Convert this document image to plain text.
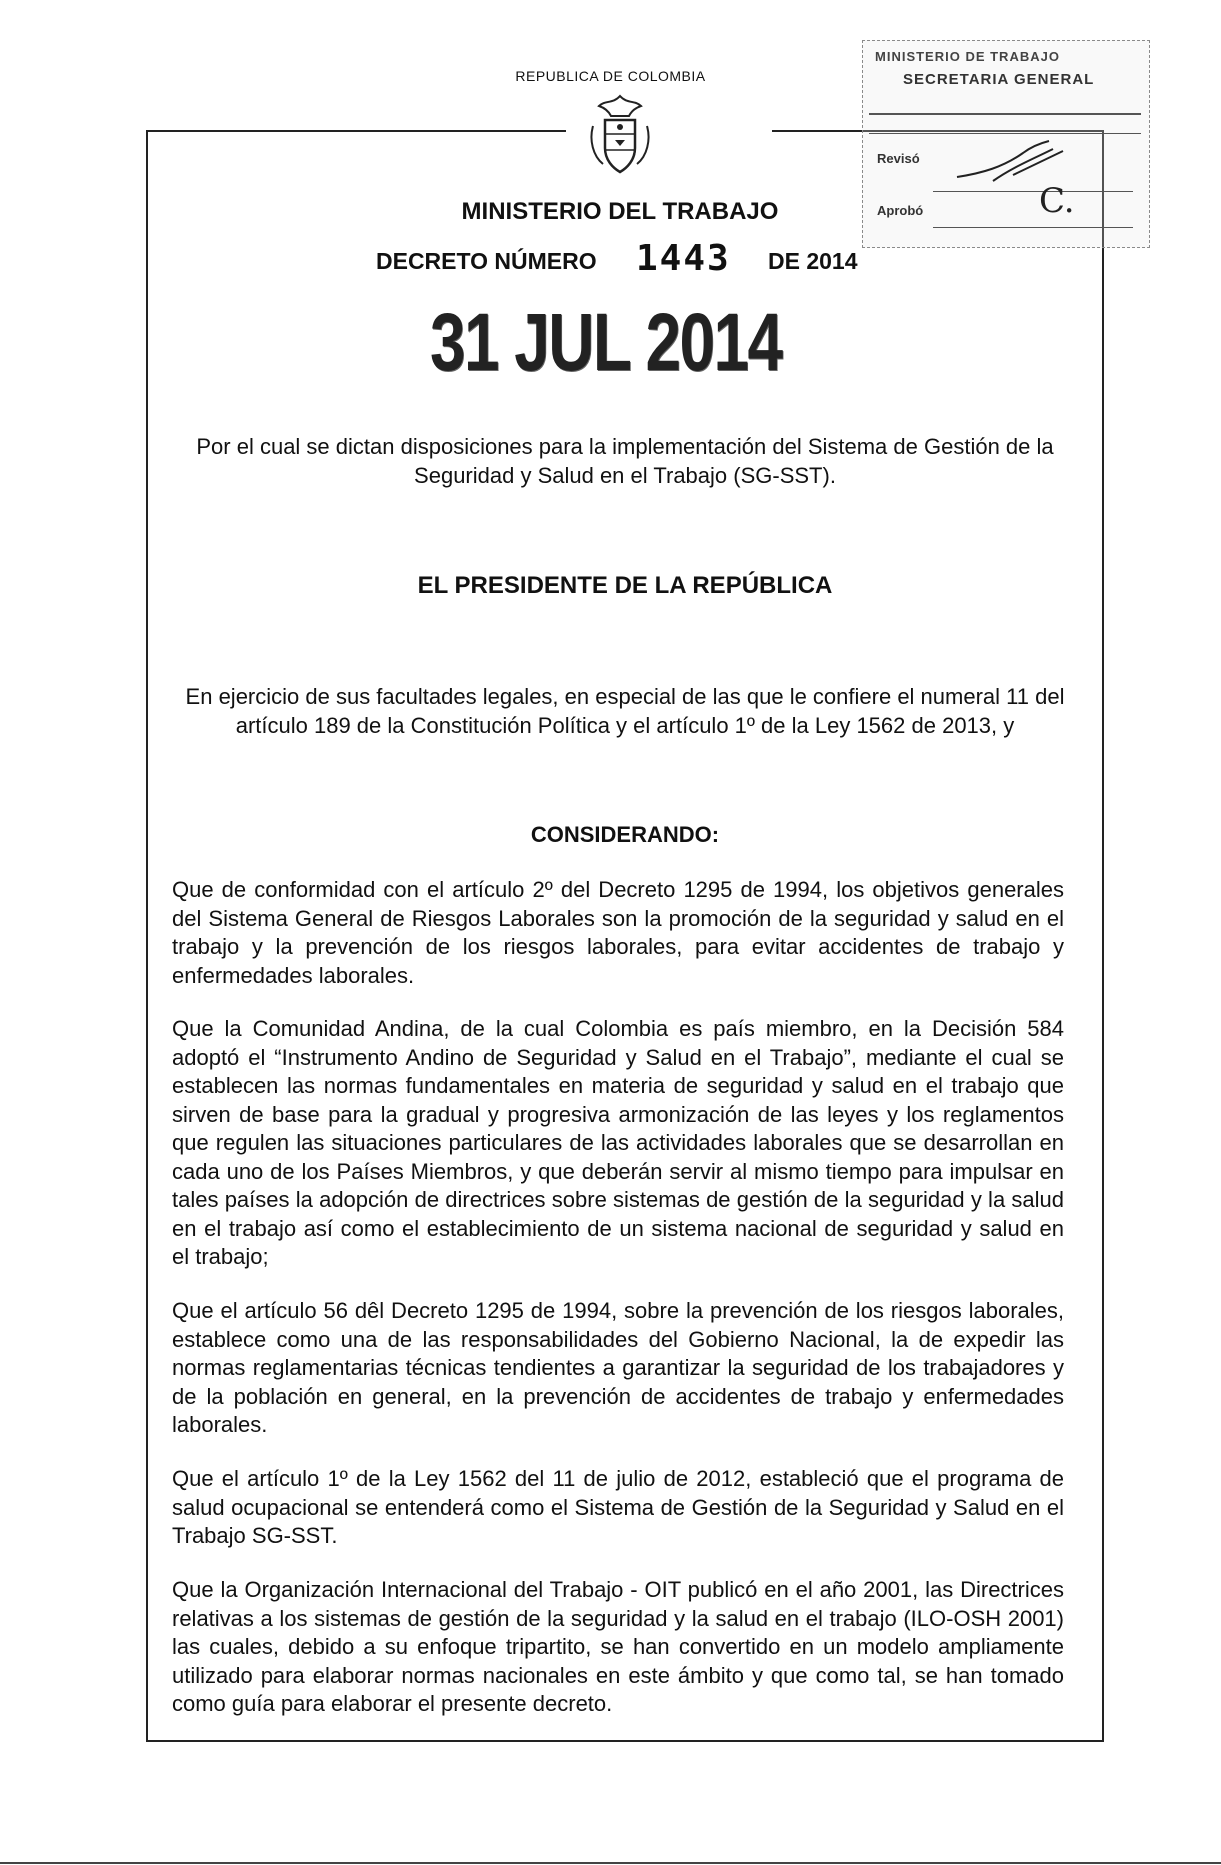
REPUBLICA DE COLOMBIA
MINISTERIO DE TRABAJO
SECRETARIA GENERAL
Revisó
Aprobó	C.
MINISTERIO DEL TRABAJO
DECRETO NÚMERO 1443 DE 2014
31 JUL 2014
Por el cual se dictan disposiciones para la implementación del Sistema de Gestión de la Seguridad y Salud en el Trabajo (SG-SST).
EL PRESIDENTE DE LA REPÚBLICA
En ejercicio de sus facultades legales, en especial de las que le confiere el numeral 11 del artículo 189 de la Constitución Política y el artículo 1º de la Ley 1562 de 2013, y
CONSIDERANDO:
Que de conformidad con el artículo 2º del Decreto 1295 de 1994, los objetivos generales del Sistema General de Riesgos Laborales son la promoción de la seguridad y salud en el trabajo y la prevención de los riesgos laborales, para evitar accidentes de trabajo y enfermedades laborales.
Que la Comunidad Andina, de la cual Colombia es país miembro, en la Decisión 584 adoptó el “Instrumento Andino de Seguridad y Salud en el Trabajo”, mediante el cual se establecen las normas fundamentales en materia de seguridad y salud en el trabajo que sirven de base para la gradual y progresiva armonización de las leyes y los reglamentos que regulen las situaciones particulares de las actividades laborales que se desarrollan en cada uno de los Países Miembros, y que deberán servir al mismo tiempo para impulsar en tales países la adopción de directrices sobre sistemas de gestión de la seguridad y la salud en el trabajo así como el establecimiento de un sistema nacional de seguridad y salud en el trabajo;
Que el artículo 56 dêl Decreto 1295 de 1994, sobre la prevención de los riesgos laborales, establece como una de las responsabilidades del Gobierno Nacional, la de expedir las normas reglamentarias técnicas tendientes a garantizar la seguridad de los trabajadores y de la población en general, en la prevención de accidentes de trabajo y enfermedades laborales.
Que el artículo 1º de la Ley 1562 del 11 de julio de 2012, estableció que el programa de salud ocupacional se entenderá como el Sistema de Gestión de la Seguridad y Salud en el Trabajo SG-SST.
Que la Organización Internacional del Trabajo - OIT publicó en el año 2001, las Directrices relativas a los sistemas de gestión de la seguridad y la salud en el trabajo (ILO-OSH 2001) las cuales, debido a su enfoque tripartito, se han convertido en un modelo ampliamente utilizado para elaborar normas nacionales en este ámbito y que como tal, se han tomado como guía para elaborar el presente decreto.
